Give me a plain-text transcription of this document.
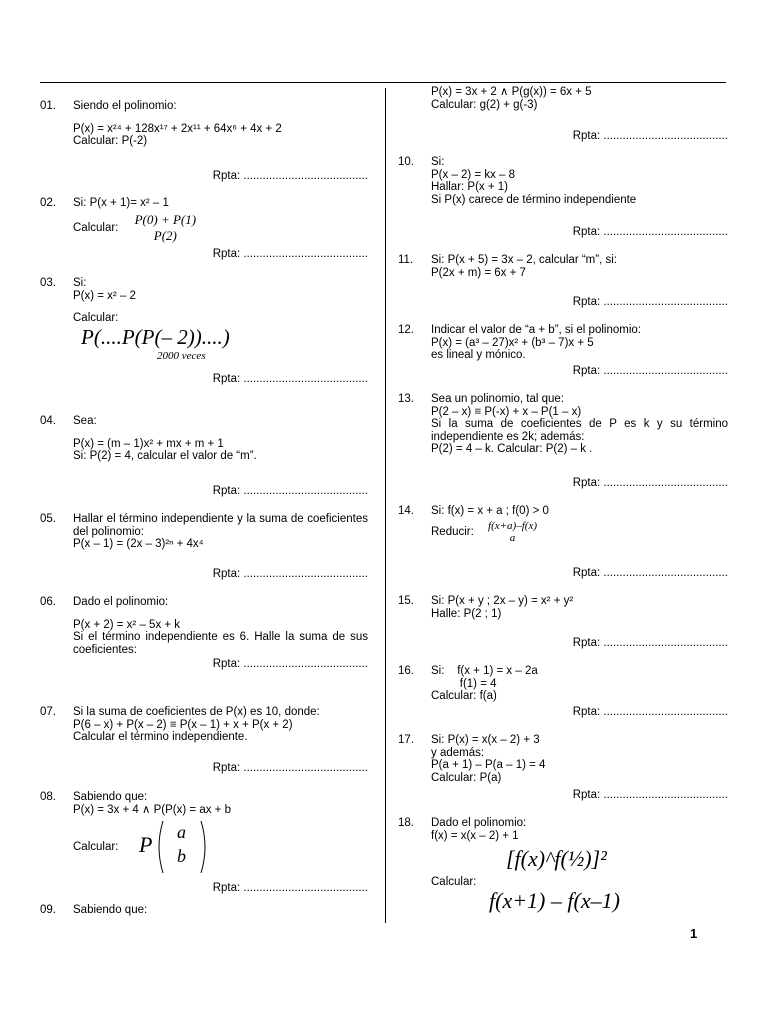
01. Siendo el polinomio:
P(x) = x²⁴ + 128x¹⁷ + 2x¹¹ + 64x⁶ + 4x + 2
Calcular: P(-2)
Rpta: .......................................
02. Si: P(x + 1)= x² – 1
Calcular:
P(0) + P(1)
P(2)
Rpta: .......................................
03. Si:
P(x) = x² – 2
Calcular:
P(....P(P(– 2))....)
2000 veces
Rpta: .......................................
04. Sea:
P(x) = (m – 1)x² + mx + m + 1
Si: P(2) = 4, calcular el valor de “m”.
Rpta: .......................................
05. Hallar el término independiente y la suma de coeficientes del polinomio:
P(x – 1) = (2x – 3)²ⁿ + 4x⁴
Rpta: .......................................
06. Dado el polinomio:
P(x + 2) = x² – 5x + k
Si el término independiente es 6. Halle la suma de sus coeficientes:
Rpta: .......................................
07. Si la suma de coeficientes de P(x) es 10, donde:
P(6 – x) + P(x – 2) ≡ P(x – 1) + x + P(x + 2)
Calcular el término independiente.
Rpta: .......................................
08. Sabiendo que:
P(x) = 3x + 4 ∧ P(P(x) = ax + b
Calcular: P a
b
Rpta: .......................................
09. Sabiendo que:
P(x) = 3x + 2 ∧ P(g(x)) = 6x + 5
Calcular: g(2) + g(-3)
Rpta: .......................................
10. Si:
P(x – 2) = kx – 8
Hallar: P(x + 1)
Si P(x) carece de término independiente
Rpta: .......................................
11. Si: P(x + 5) = 3x – 2, calcular “m”, si:
P(2x + m) = 6x + 7
Rpta: .......................................
12. Indicar el valor de “a + b”, si el polinomio:
P(x) = (a³ – 27)x² + (b³ – 7)x + 5
es lineal y mónico.
Rpta: .......................................
13. Sea un polinomio, tal que:
P(2 – x) ≡ P(-x) + x – P(1 – x)
Si la suma de coeficientes de P es k y su término independiente es 2k; además:
P(2) = 4 – k. Calcular: P(2) – k .
Rpta: .......................................
14. Si: f(x) = x + a ; f(0) > 0
Reducir:
f(x+a)–f(x)
a
Rpta: .......................................
15. Si: P(x + y ; 2x – y) = x² + y²
Halle: P(2 ; 1)
Rpta: .......................................
16. Si:    f(x + 1) = x – 2a
f(1) = 4
Calcular: f(a)
Rpta: .......................................
17. Si: P(x) = x(x – 2) + 3
y además:
P(a + 1) – P(a – 1) = 4
Calcular: P(a)
Rpta: .......................................
18. Dado el polinomio:
f(x) = x(x – 2) + 1
Calcular:
[f(x)^f(½)]²
f(x+1) – f(x–1)
1
